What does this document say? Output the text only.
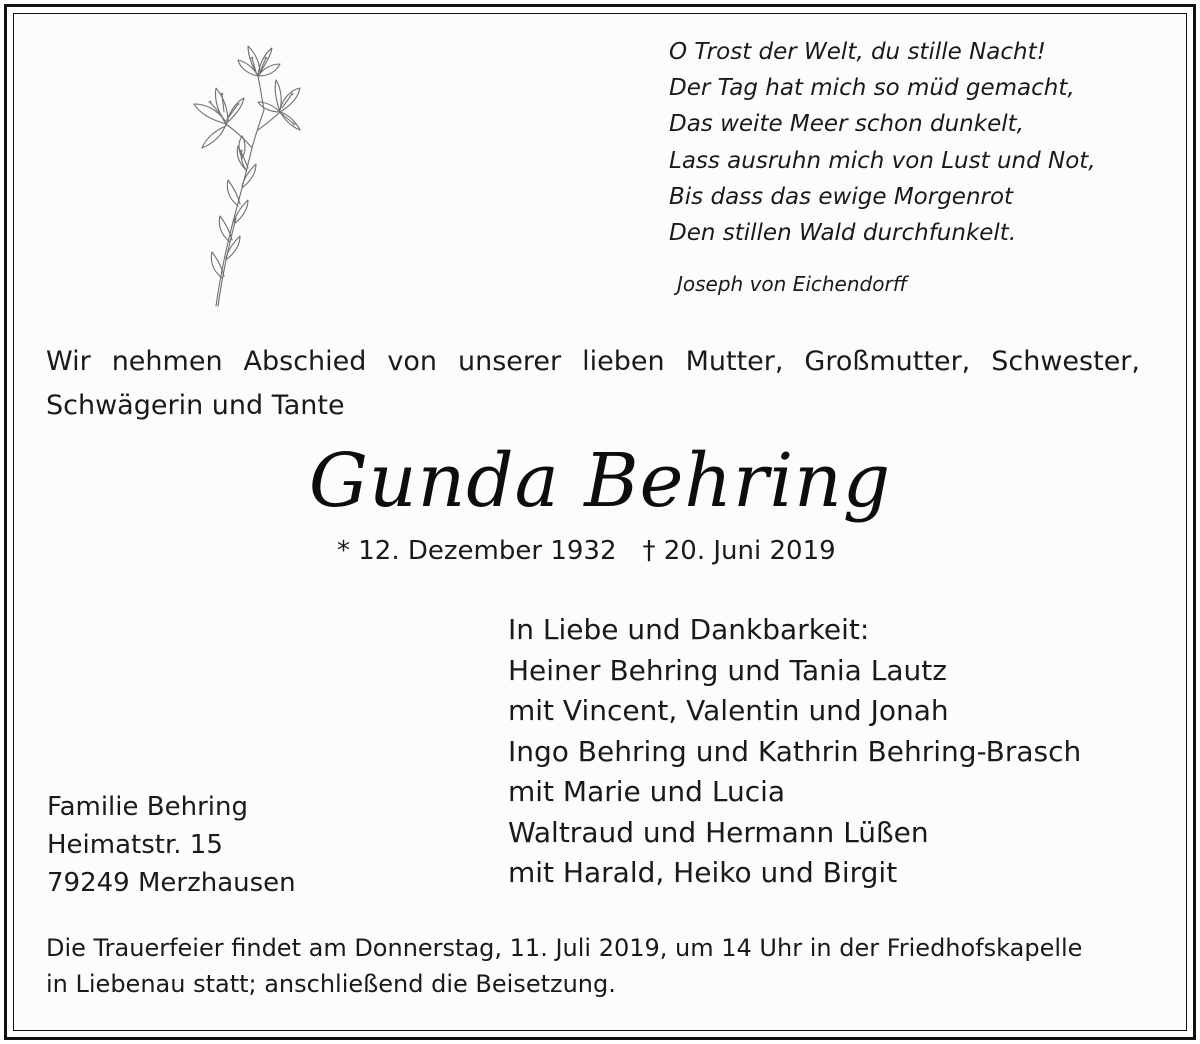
O Trost der Welt, du stille Nacht!
Der Tag hat mich so müd gemacht,
Das weite Meer schon dunkelt,
Lass ausruhn mich von Lust und Not,
Bis dass das ewige Morgenrot
Den stillen Wald durchfunkelt.
Joseph von Eichendorff
Wir nehmen Abschied von unserer lieben Mutter, Großmutter, Schwester,
Schwägerin und Tante
Gunda Behring
* 12. Dezember 1932 † 20. Juni 2019
In Liebe und Dankbarkeit:
Heiner Behring und Tania Lautz
mit Vincent, Valentin und Jonah
Ingo Behring und Kathrin Behring-Brasch
mit Marie und Lucia
Waltraud und Hermann Lüßen
mit Harald, Heiko und Birgit
Familie Behring
Heimatstr. 15
79249 Merzhausen
Die Trauerfeier findet am Donnerstag, 11. Juli 2019, um 14 Uhr in der Friedhofskapelle
in Liebenau statt; anschließend die Beisetzung.
